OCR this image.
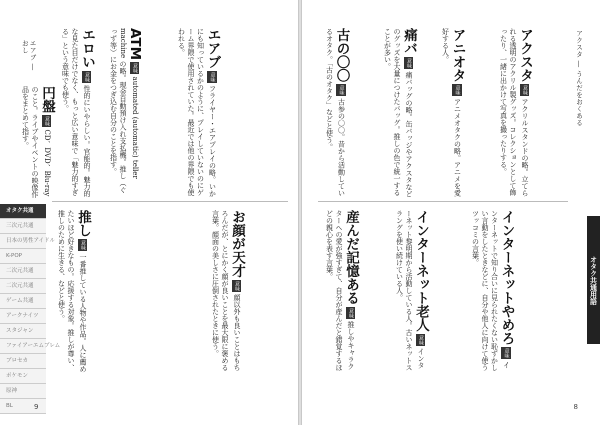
エアブ ― おし	エアブ 意味 フライヤー・エアプレイの略。いかにも知っているかのように、プレイしていないのにゲーム界隈で使用されていた。最近では他の界隈でも使われる。
ATM 意味 automated (automatic) teller machine の略。現金自動預け入れ支払機。推し（ぐっず等）にお金をつぎ込む自分のことを指す。
エロい 意味 性的にいやらしい。官能的。魅力的な見た目だけでなく、もっと広い意味で「魅力的すぎる」という意味でも使う。
円盤 意味 CD、DVD、Blu-ray のこと。ライブやイベントの映像作品をまとめて指す。
お顔が天才 意味 顔以外も良いことはもちろんだが、とにかく顔が良いことを最大限に褒める言葉。顔面の美しさに圧倒されたときに使う。
推し 意味 一番推している人物や作品。人に薦めたいほど好きなもの。応援する対象。推しが尊い、推しのために生きる、などと使う。
オタク共通
三次元共通
日本の男性アイドル
K-POP
二次元共通
二次元共通
ゲーム共通
アークナイツ
スタジャン
ファイアーエムブレム
ブロセカ
ポケモン
原神
BL	9
アクスタ ― うんだをおくある
アクスタ 意味 アクリルスタンドの略。立てられる透明のアクリル製グッズ。コレクションとして飾ったり、一緒に出かけて写真を撮ったりする。
アニオタ 意味 アニメオタクの略。アニメを愛好する人。
痛バ 意味 痛バッグの略。缶バッジやアクスタなどのグッズを大量につけたバッグ。推しの色で統一することが多い。
古の〇〇 意味 古参の〇〇。昔から活動しているオタク。「古のオタク」などと使う。
インターネットやめろ 意味 インターネットで知り合いに見られたくない恥ずかしい言動をしたときなどに、自分や他人に向けて使うツッコミの言葉。
インターネット老人 意味 インターネット黎明期から活動している人。古いネットスラングを使い続けている人。
産んだ記憶ある 意味 推しやキャラクターへの愛が強すぎて、自分が産んだと錯覚するほどの親心を表す言葉。	オタク共通用語
8
